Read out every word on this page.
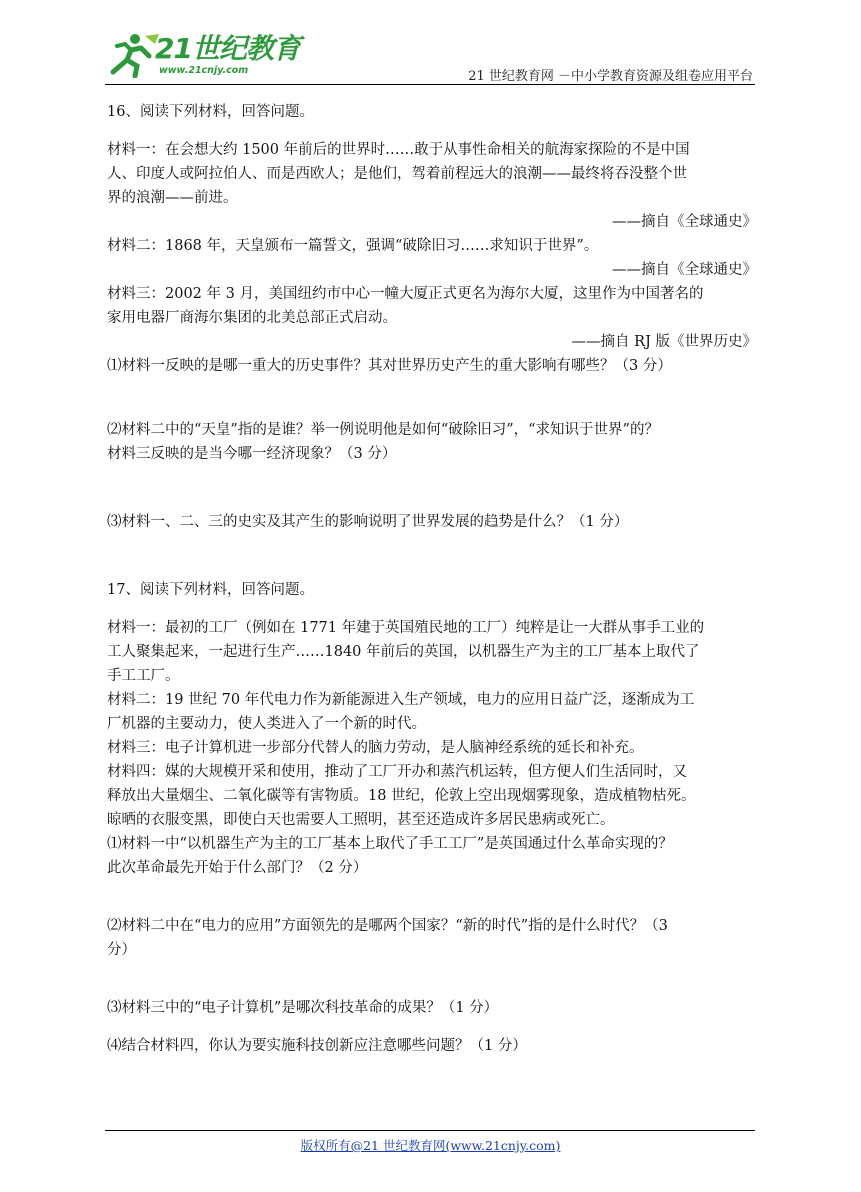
21世纪教育
www.21cnjy.com	21 世纪教育网 －中小学教育资源及组卷应用平台

16、阅读下列材料，回答问题。

材料一：在会想大约 1500 年前后的世界时……敢于从事性命相关的航海家探险的不是中国

人、印度人或阿拉伯人、而是西欧人；是他们，驾着前程远大的浪潮——最终将吞没整个世

界的浪潮——前进。

——摘自《全球通史》

材料二：1868 年，天皇颁布一篇誓文，强调“破除旧习……求知识于世界”。

——摘自《全球通史》

材料三：2002 年 3 月，美国纽约市中心一幢大厦正式更名为海尔大厦，这里作为中国著名的

家用电器厂商海尔集团的北美总部正式启动。

——摘自 RJ 版《世界历史》

⑴材料一反映的是哪一重大的历史事件？其对世界历史产生的重大影响有哪些？（3 分）

⑵材料二中的“天皇”指的是谁？举一例说明他是如何“破除旧习”，“求知识于世界”的？

材料三反映的是当今哪一经济现象？（3 分）

⑶材料一、二、三的史实及其产生的影响说明了世界发展的趋势是什么？（1 分）

17、阅读下列材料，回答问题。

材料一：最初的工厂（例如在 1771 年建于英国殖民地的工厂）纯粹是让一大群从事手工业的

工人聚集起来，一起进行生产……1840 年前后的英国，以机器生产为主的工厂基本上取代了

手工工厂。

材料二：19 世纪 70 年代电力作为新能源进入生产领域，电力的应用日益广泛，逐渐成为工

厂机器的主要动力，使人类进入了一个新的时代。

材料三：电子计算机进一步部分代替人的脑力劳动，是人脑神经系统的延长和补充。

材料四：媒的大规模开采和使用，推动了工厂开办和蒸汽机运转，但方便人们生活同时，又

释放出大量烟尘、二氧化碳等有害物质。18 世纪，伦敦上空出现烟雾现象，造成植物枯死。

晾晒的衣服变黑，即使白天也需要人工照明，甚至还造成许多居民患病或死亡。

⑴材料一中“以机器生产为主的工厂基本上取代了手工工厂”是英国通过什么革命实现的？

此次革命最先开始于什么部门？（2 分）

⑵材料二中在“电力的应用”方面领先的是哪两个国家？“新的时代”指的是什么时代？（3

分）

⑶材料三中的“电子计算机”是哪次科技革命的成果？（1 分）

⑷结合材料四，你认为要实施科技创新应注意哪些问题？（1 分）

版权所有@21 世纪教育网(www.21cnjy.com)
